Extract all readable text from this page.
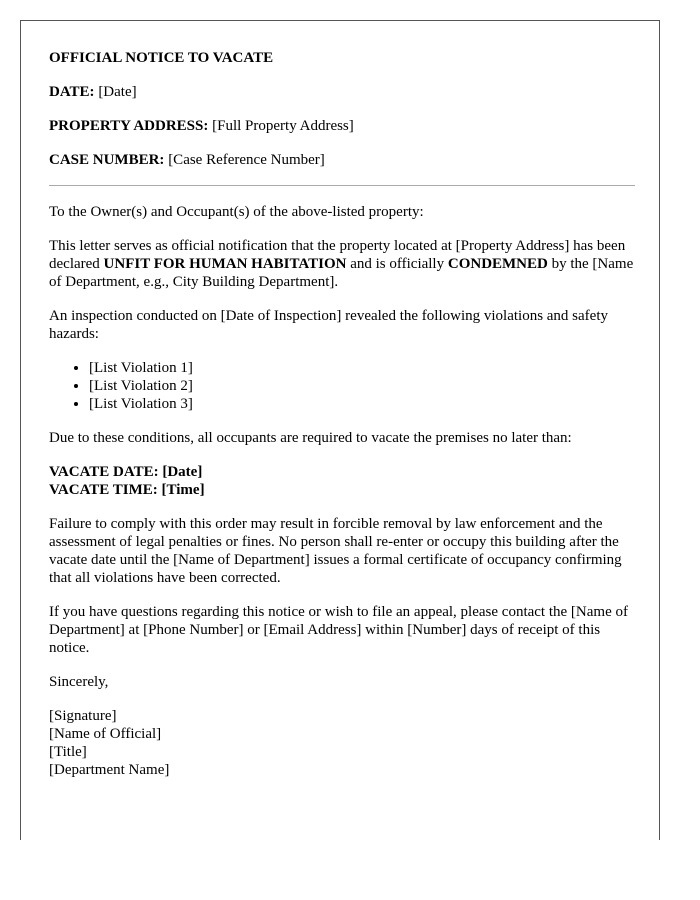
OFFICIAL NOTICE TO VACATE

DATE: [Date]

PROPERTY ADDRESS: [Full Property Address]

CASE NUMBER: [Case Reference Number]

To the Owner(s) and Occupant(s) of the above-listed property:

This letter serves as official notification that the property located at [Property Address] has been declared UNFIT FOR HUMAN HABITATION and is officially CONDEMNED by the [Name of Department, e.g., City Building Department].

An inspection conducted on [Date of Inspection] revealed the following violations and safety hazards:

• [List Violation 1]
• [List Violation 2]
• [List Violation 3]

Due to these conditions, all occupants are required to vacate the premises no later than:

VACATE DATE: [Date]
VACATE TIME: [Time]

Failure to comply with this order may result in forcible removal by law enforcement and the assessment of legal penalties or fines. No person shall re-enter or occupy this building after the vacate date until the [Name of Department] issues a formal certificate of occupancy confirming that all violations have been corrected.

If you have questions regarding this notice or wish to file an appeal, please contact the [Name of Department] at [Phone Number] or [Email Address] within [Number] days of receipt of this notice.

Sincerely,

[Signature]
[Name of Official]
[Title]
[Department Name]
